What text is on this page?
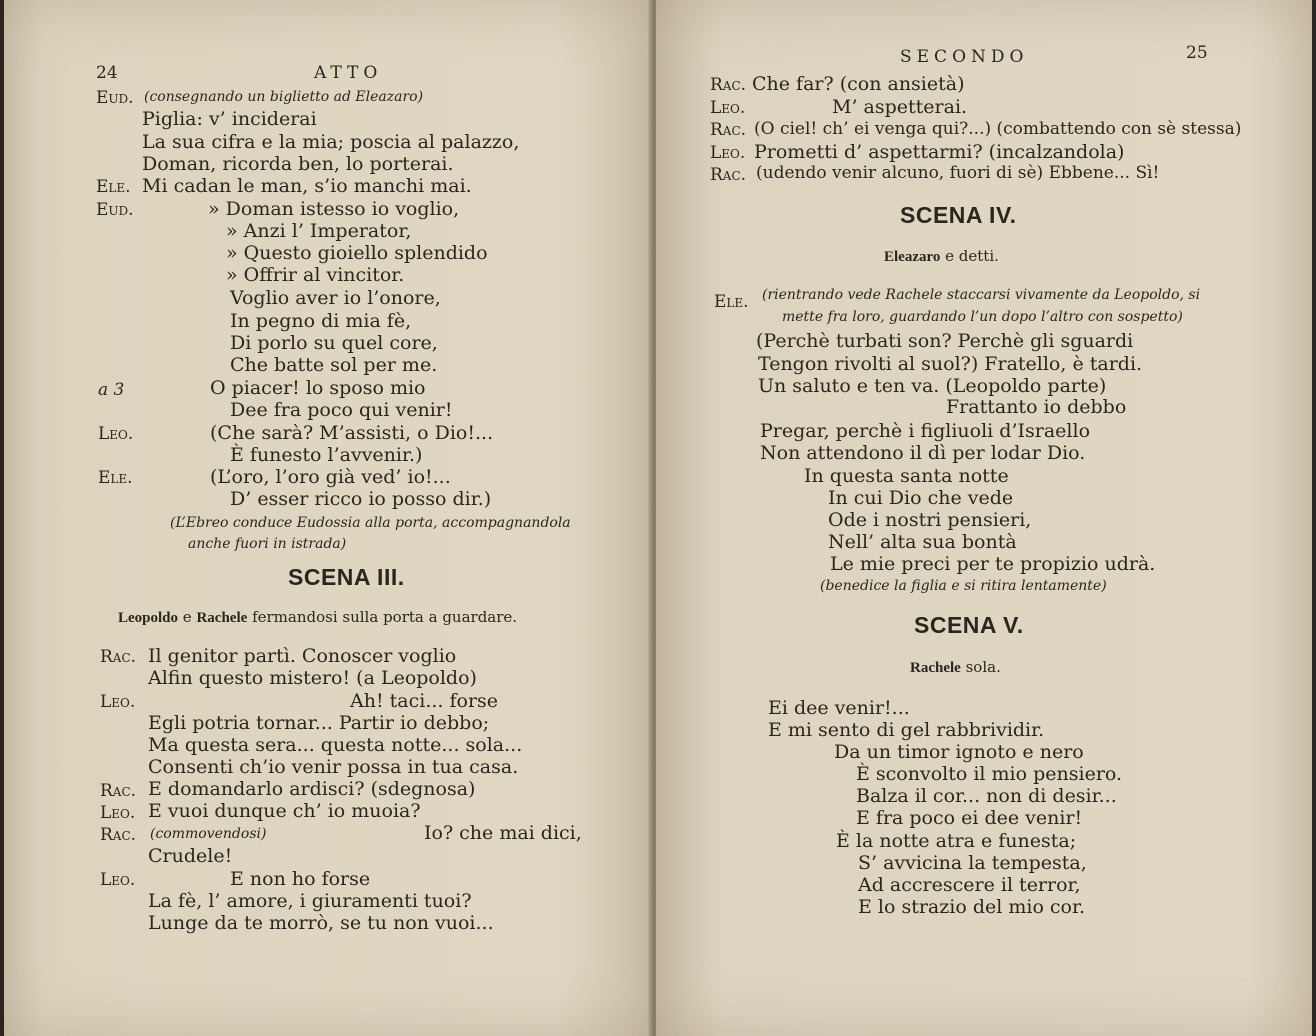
24	ATTO
Eud. (consegnando un biglietto ad Eleazaro)
Piglia: v’ inciderai
La sua cifra e la mia; poscia al palazzo,
Doman, ricorda ben, lo porterai.
Ele. Mi cadan le man, s’io manchi mai.
Eud.	» Doman istesso io voglio,
» Anzi l’ Imperator,
» Questo gioiello splendido
» Offrir al vincitor.
Voglio aver io l’onore,
In pegno di mia fè,
Di porlo su quel core,
Che batte sol per me.
a 3	O piacer! lo sposo mio
Dee fra poco qui venir!
Leo.	(Che sarà? M’assisti, o Dio!...
È funesto l’avvenir.)
Ele.	(L’oro, l’oro già ved’ io!...
D’ esser ricco io posso dir.)
(L’Ebreo conduce Eudossia alla porta, accompagnandola
anche fuori in istrada)
SCENA III.
Leopoldo e Rachele fermandosi sulla porta a guardare.
Rac. Il genitor partì. Conoscer voglio
Alfin questo mistero! (a Leopoldo)
Leo.	Ah! taci... forse
Egli potria tornar... Partir io debbo;
Ma questa sera... questa notte... sola...
Consenti ch’io venir possa in tua casa.
Rac. E domandarlo ardisci? (sdegnosa)
Leo. E vuoi dunque ch’ io muoia?
Rac. (commovendosi)	Io? che mai dici,
Crudele!
Leo.	E non ho forse
La fè, l’ amore, i giuramenti tuoi?
Lunge da te morrò, se tu non vuoi...
SECONDO	25
Rac. Che far? (con ansietà)
Leo.	M’ aspetterai.
Rac. (O ciel! ch’ ei venga qui?...) (combattendo con sè stessa)
Leo. Prometti d’ aspettarmi? (incalzandola)
Rac. (udendo venir alcuno, fuori di sè) Ebbene... Sì!
SCENA IV.
Eleazaro e detti.
Ele. (rientrando vede Rachele staccarsi vivamente da Leopoldo, si
mette fra loro, guardando l’un dopo l’altro con sospetto)
(Perchè turbati son? Perchè gli sguardi
Tengon rivolti al suol?) Fratello, è tardi.
Un saluto e ten va. (Leopoldo parte)
Frattanto io debbo
Pregar, perchè i figliuoli d’Israello
Non attendono il dì per lodar Dio.
In questa santa notte
In cui Dio che vede
Ode i nostri pensieri,
Nell’ alta sua bontà
Le mie preci per te propizio udrà.
(benedice la figlia e si ritira lentamente)
SCENA V.
Rachele sola.
Ei dee venir!...
E mi sento di gel rabbrividir.
Da un timor ignoto e nero
È sconvolto il mio pensiero.
Balza il cor... non di desir...
E fra poco ei dee venir!
È la notte atra e funesta;
S’ avvicina la tempesta,
Ad accrescere il terror,
E lo strazio del mio cor.
